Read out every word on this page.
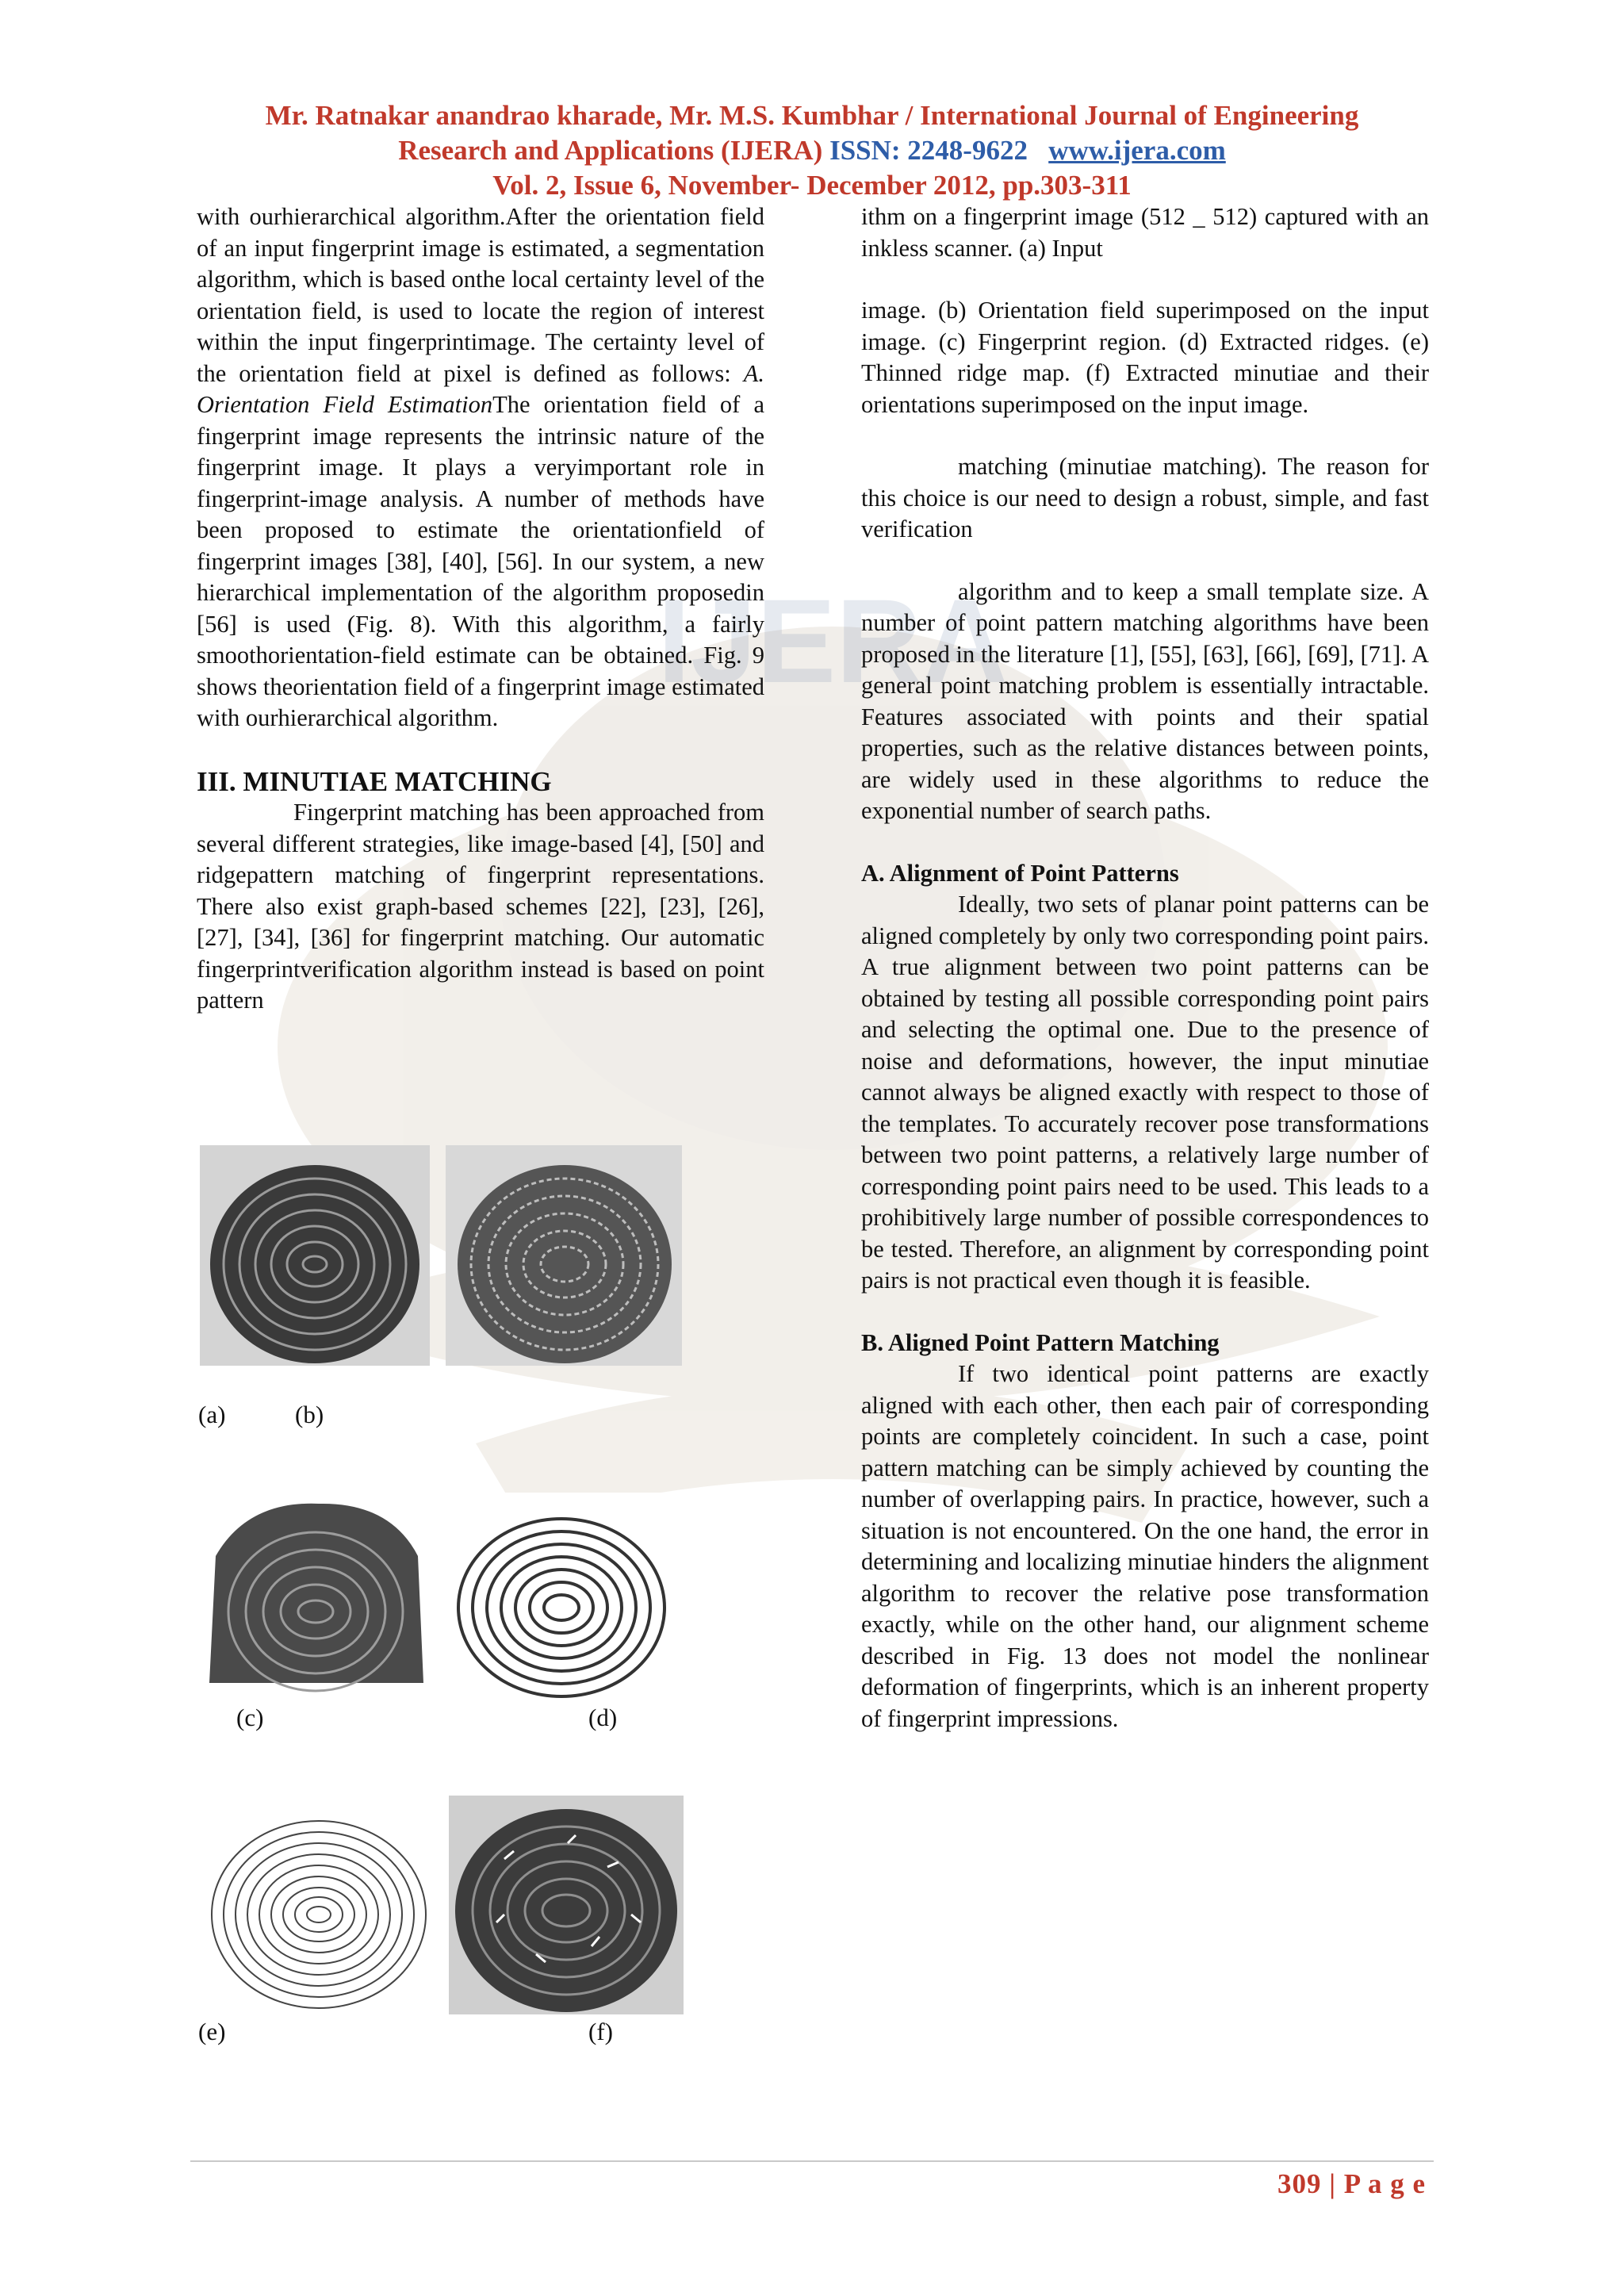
IJERA
Mr. Ratnakar anandrao kharade, Mr. M.S. Kumbhar / International Journal of Engineering
Research and Applications (IJERA) ISSN: 2248-9622 www.ijera.com
Vol. 2, Issue 6, November- December 2012, pp.303-311

with ourhierarchical algorithm.After the orientation field of an input fingerprint image is estimated, a segmentation algorithm, which is based onthe local certainty level of the orientation field, is used to locate the region of interest within the input fingerprintimage. The certainty level of the orientation field at pixel is defined as follows: A. Orientation Field EstimationThe orientation field of a fingerprint image represents the intrinsic nature of the fingerprint image. It plays a veryimportant role in fingerprint-image analysis. A number of methods have been proposed to estimate the orientationfield of fingerprint images [38], [40], [56]. In our system, a new hierarchical implementation of the algorithm proposedin [56] is used (Fig. 8). With this algorithm, a fairly smoothorientation-field estimate can be obtained. Fig. 9 shows theorientation field of a fingerprint image estimated with ourhierarchical algorithm.

III. MINUTIAE MATCHING

Fingerprint matching has been approached from several different strategies, like image-based [4], [50] and ridgepattern matching of fingerprint representations. There also exist graph-based schemes [22], [23], [26], [27], [34], [36] for fingerprint matching. Our automatic fingerprintverification algorithm instead is based on point pattern

(a)	(b)
(c)	(d)
(e)	(f)

ithm on a fingerprint image (512 _ 512) captured with an inkless scanner. (a) Input

image. (b) Orientation field superimposed on the input image. (c) Fingerprint region. (d) Extracted ridges. (e) Thinned ridge map. (f) Extracted minutiae and their orientations superimposed on the input image.

matching (minutiae matching). The reason for this choice is our need to design a robust, simple, and fast verification

algorithm and to keep a small template size. A number of point pattern matching algorithms have been proposed in the literature [1], [55], [63], [66], [69], [71]. A general point matching problem is essentially intractable. Features associated with points and their spatial properties, such as the relative distances between points, are widely used in these algorithms to reduce the exponential number of search paths.

A. Alignment of Point Patterns

Ideally, two sets of planar point patterns can be aligned completely by only two corresponding point pairs. A true alignment between two point patterns can be obtained by testing all possible corresponding point pairs and selecting the optimal one. Due to the presence of noise and deformations, however, the input minutiae cannot always be aligned exactly with respect to those of the templates. To accurately recover pose transformations between two point patterns, a relatively large number of corresponding point pairs need to be used. This leads to a prohibitively large number of possible correspondences to be tested. Therefore, an alignment by corresponding point pairs is not practical even though it is feasible.

B. Aligned Point Pattern Matching

If two identical point patterns are exactly aligned with each other, then each pair of corresponding points are completely coincident. In such a case, point pattern matching can be simply achieved by counting the number of overlapping pairs. In practice, however, such a situation is not encountered. On the one hand, the error in determining and localizing minutiae hinders the alignment algorithm to recover the relative pose transformation exactly, while on the other hand, our alignment scheme described in Fig. 13 does not model the nonlinear deformation of fingerprints, which is an inherent property of fingerprint impressions.

309 | P a g e
